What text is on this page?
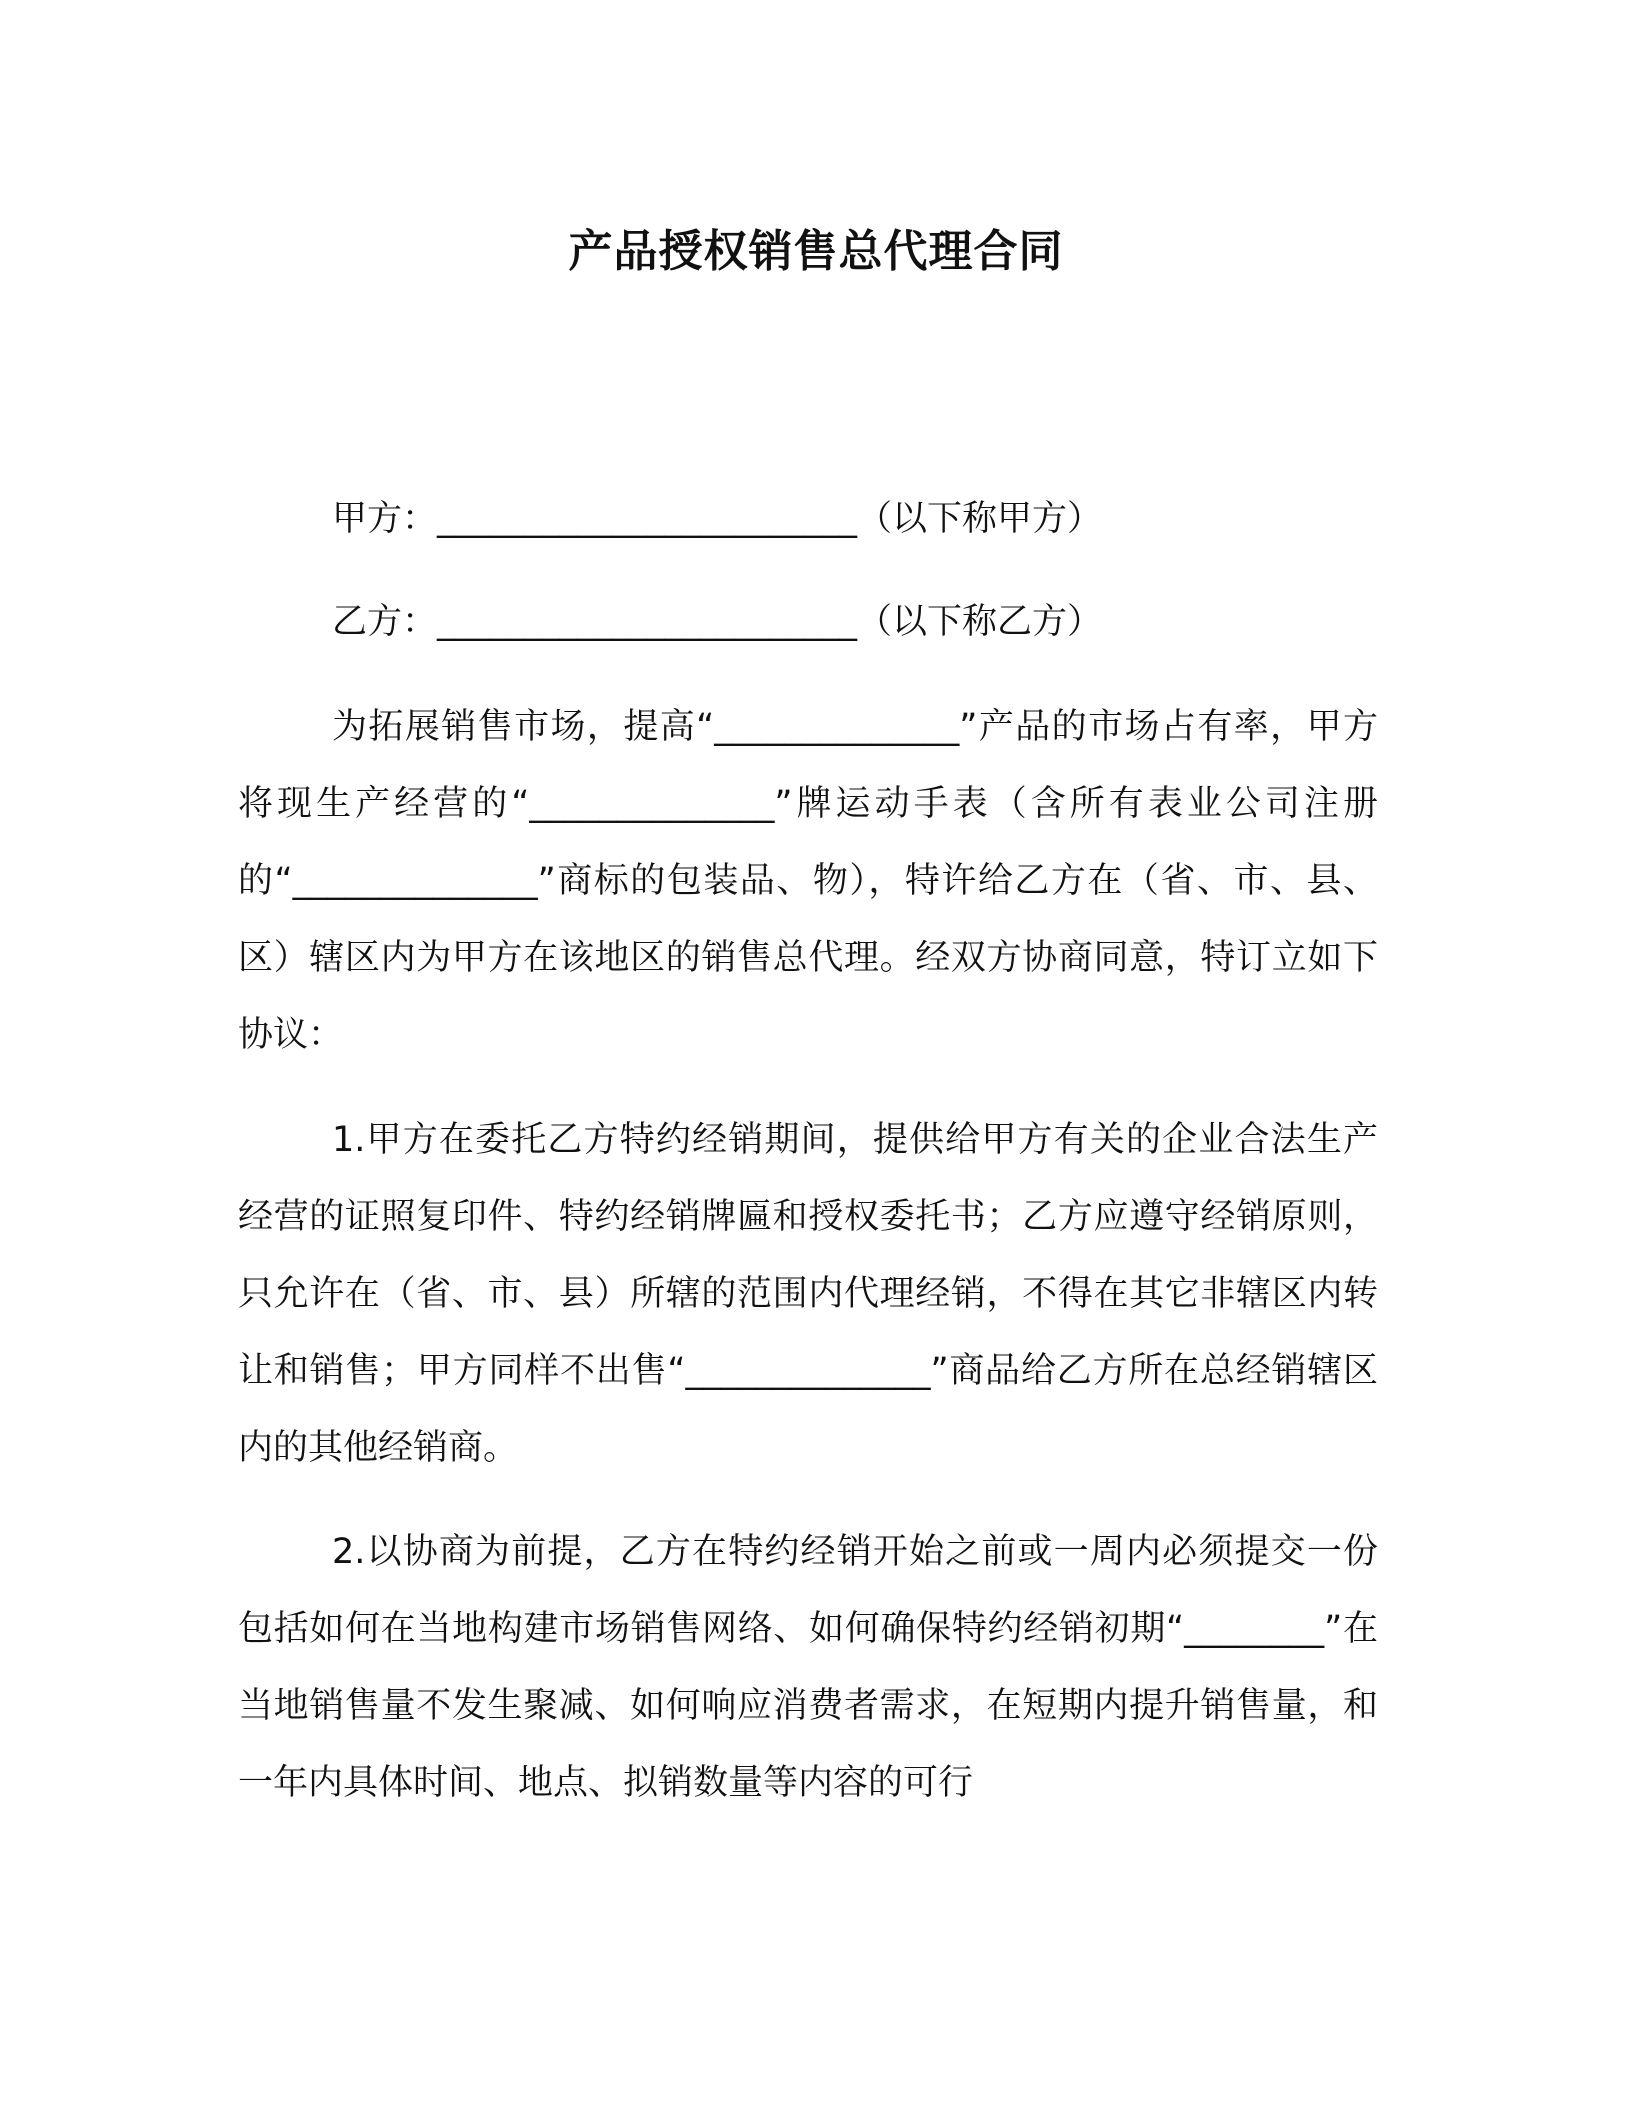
产品授权销售总代理合同
甲方：________________________（以下称甲方）
乙方：________________________（以下称乙方）

为拓展销售市场，提高“______________”产品的市场占有率，甲方将现生产经营的“______________”牌运动手表（含所有表业公司注册的“______________”商标的包装品、物），特许给乙方在（省、市、县、区）辖区内为甲方在该地区的销售总代理。经双方协商同意，特订立如下协议：

1.甲方在委托乙方特约经销期间，提供给甲方有关的企业合法生产经营的证照复印件、特约经销牌匾和授权委托书；乙方应遵守经销原则，只允许在（省、市、县）所辖的范围内代理经销，不得在其它非辖区内转让和销售；甲方同样不出售“______________”商品给乙方所在总经销辖区内的其他经销商。

2.以协商为前提，乙方在特约经销开始之前或一周内必须提交一份包括如何在当地构建市场销售网络、如何确保特约经销初期“________”在当地销售量不发生聚减、如何响应消费者需求，在短期内提升销售量，和一年内具体时间、地点、拟销数量等内容的可行
